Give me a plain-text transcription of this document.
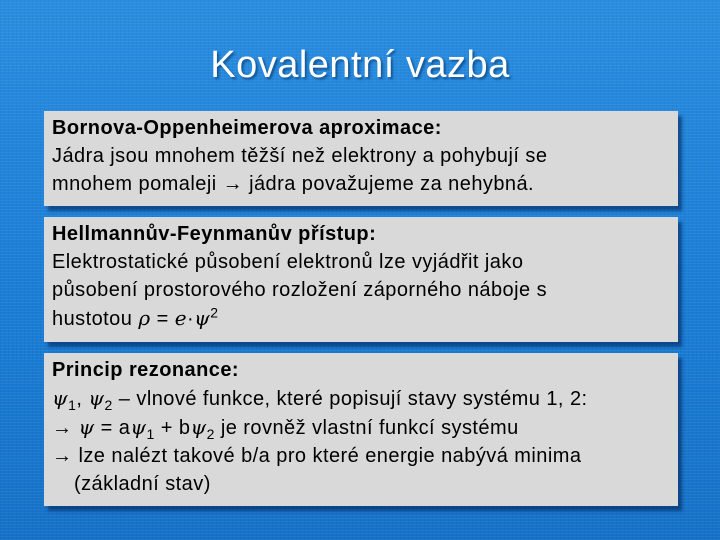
Kovalentní vazba
Bornova-Oppenheimerova aproximace:
Jádra jsou mnohem těžší než elektrony a pohybují se
mnohem pomaleji → jádra považujeme za nehybná.
Hellmannův-Feynmanův přístup:
Elektrostatické působení elektronů lze vyjádřit jako
působení prostorového rozložení záporného náboje s
hustotou $\rho = e\cdot\psi^2$
Princip rezonance:
$\psi_1$, $\psi_2$ – vlnové funkce, které popisují stavy systému 1, 2:
→ $\psi = a\psi_1 + b\psi_2$ je rovněž vlastní funkcí systému
→ lze nalézt takové b/a pro které energie nabývá minima
(základní stav)
